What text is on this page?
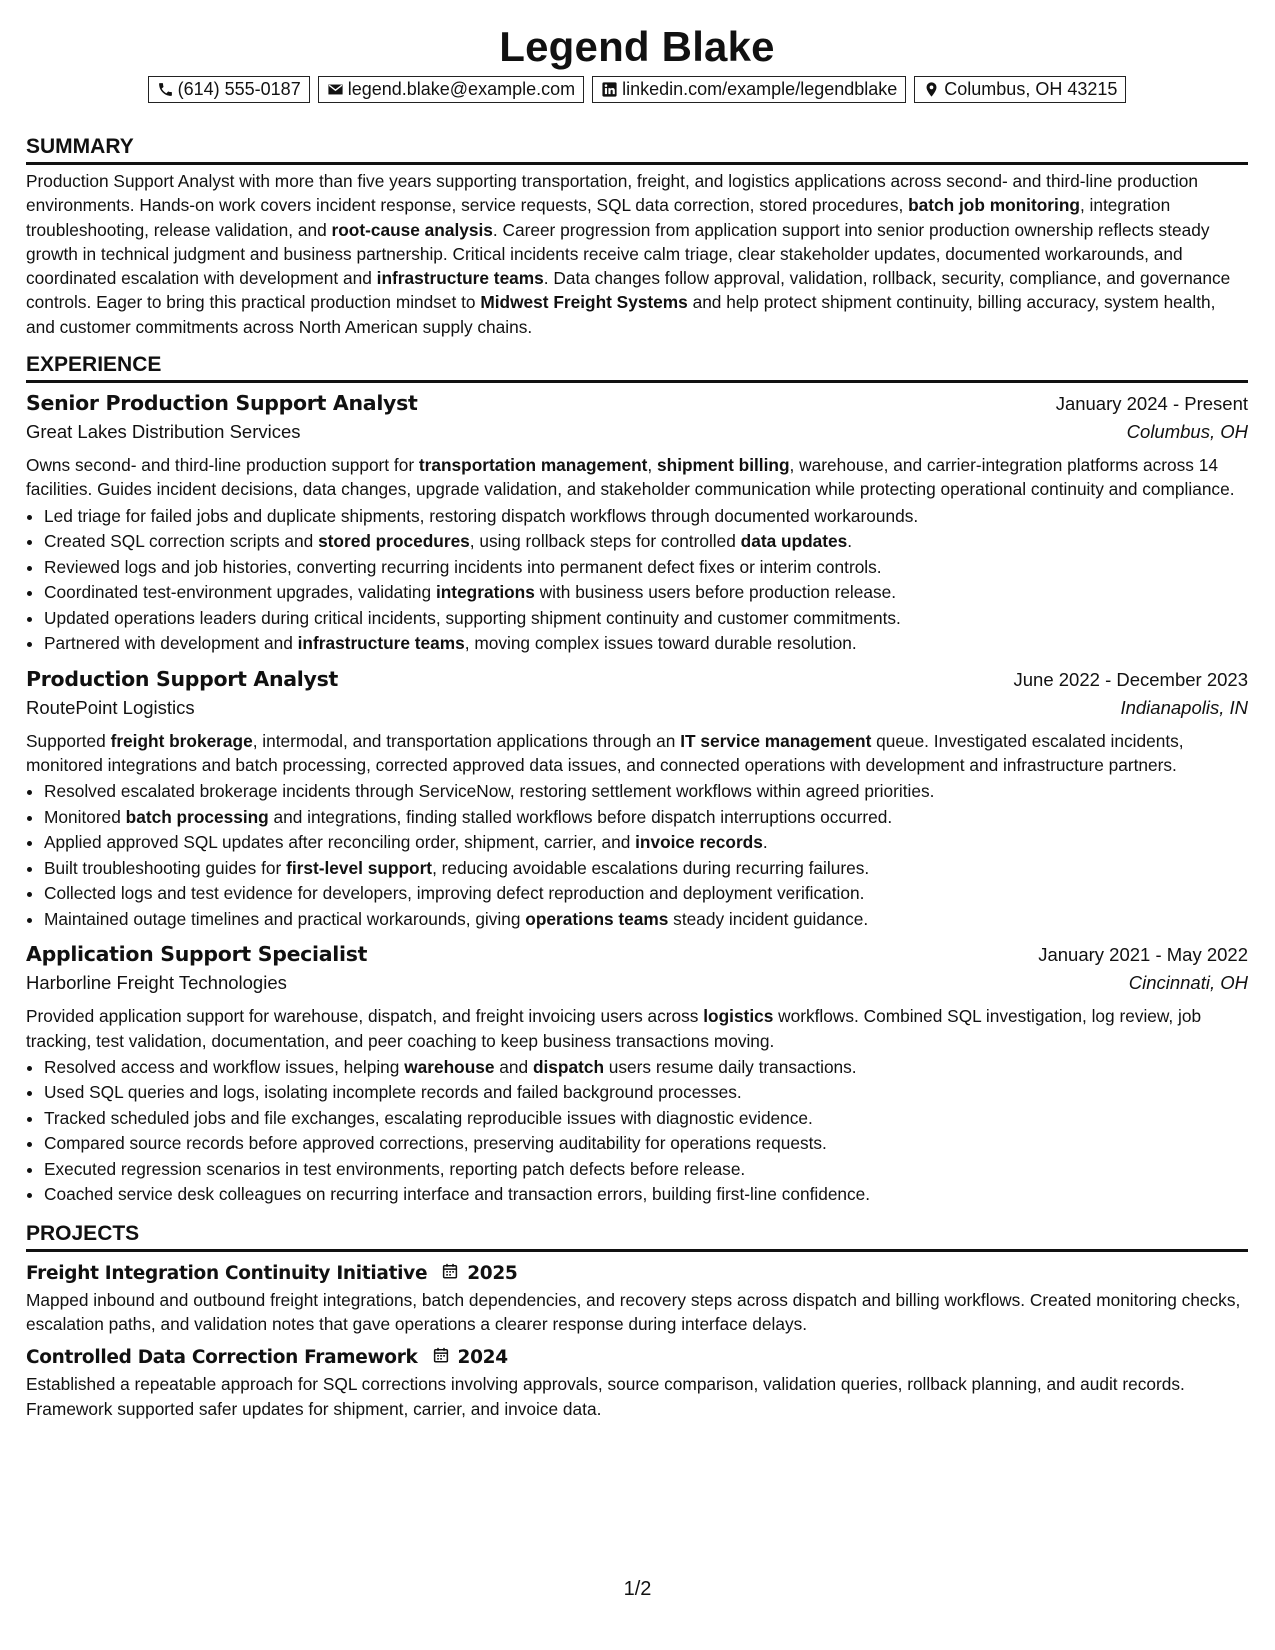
Legend Blake
(614) 555-0187	legend.blake@example.com	linkedin.com/example/legendblake	Columbus, OH 43215
SUMMARY

Production Support Analyst with more than five years supporting transportation, freight, and logistics applications across second- and third-line production environments. Hands-on work covers incident response, service requests, SQL data correction, stored procedures, batch job monitoring, integration troubleshooting, release validation, and root-cause analysis. Career progression from application support into senior production ownership reflects steady growth in technical judgment and business partnership. Critical incidents receive calm triage, clear stakeholder updates, documented workarounds, and coordinated escalation with development and infrastructure teams. Data changes follow approval, validation, rollback, security, compliance, and governance controls. Eager to bring this practical production mindset to Midwest Freight Systems and help protect shipment continuity, billing accuracy, system health, and customer commitments across North American supply chains.

EXPERIENCE
Senior Production Support Analyst	January 2024 - Present
Great Lakes Distribution Services	Columbus, OH

Owns second- and third-line production support for transportation management, shipment billing, warehouse, and carrier-integration platforms across 14 facilities. Guides incident decisions, data changes, upgrade validation, and stakeholder communication while protecting operational continuity and compliance.

• Led triage for failed jobs and duplicate shipments, restoring dispatch workflows through documented workarounds.
• Created SQL correction scripts and stored procedures, using rollback steps for controlled data updates.
• Reviewed logs and job histories, converting recurring incidents into permanent defect fixes or interim controls.
• Coordinated test-environment upgrades, validating integrations with business users before production release.
• Updated operations leaders during critical incidents, supporting shipment continuity and customer commitments.
• Partnered with development and infrastructure teams, moving complex issues toward durable resolution.
Production Support Analyst	June 2022 - December 2023
RoutePoint Logistics	Indianapolis, IN

Supported freight brokerage, intermodal, and transportation applications through an IT service management queue. Investigated escalated incidents, monitored integrations and batch processing, corrected approved data issues, and connected operations with development and infrastructure partners.

• Resolved escalated brokerage incidents through ServiceNow, restoring settlement workflows within agreed priorities.
• Monitored batch processing and integrations, finding stalled workflows before dispatch interruptions occurred.
• Applied approved SQL updates after reconciling order, shipment, carrier, and invoice records.
• Built troubleshooting guides for first-level support, reducing avoidable escalations during recurring failures.
• Collected logs and test evidence for developers, improving defect reproduction and deployment verification.
• Maintained outage timelines and practical workarounds, giving operations teams steady incident guidance.
Application Support Specialist	January 2021 - May 2022
Harborline Freight Technologies	Cincinnati, OH

Provided application support for warehouse, dispatch, and freight invoicing users across logistics workflows. Combined SQL investigation, log review, job tracking, test validation, documentation, and peer coaching to keep business transactions moving.

• Resolved access and workflow issues, helping warehouse and dispatch users resume daily transactions.
• Used SQL queries and logs, isolating incomplete records and failed background processes.
• Tracked scheduled jobs and file exchanges, escalating reproducible issues with diagnostic evidence.
• Compared source records before approved corrections, preserving auditability for operations requests.
• Executed regression scenarios in test environments, reporting patch defects before release.
• Coached service desk colleagues on recurring interface and transaction errors, building first-line confidence.
PROJECTS
Freight Integration Continuity Initiative 2025

Mapped inbound and outbound freight integrations, batch dependencies, and recovery steps across dispatch and billing workflows. Created monitoring checks, escalation paths, and validation notes that gave operations a clearer response during interface delays.

Controlled Data Correction Framework 2024

Established a repeatable approach for SQL corrections involving approvals, source comparison, validation queries, rollback planning, and audit records. Framework supported safer updates for shipment, carrier, and invoice data.

1/2
